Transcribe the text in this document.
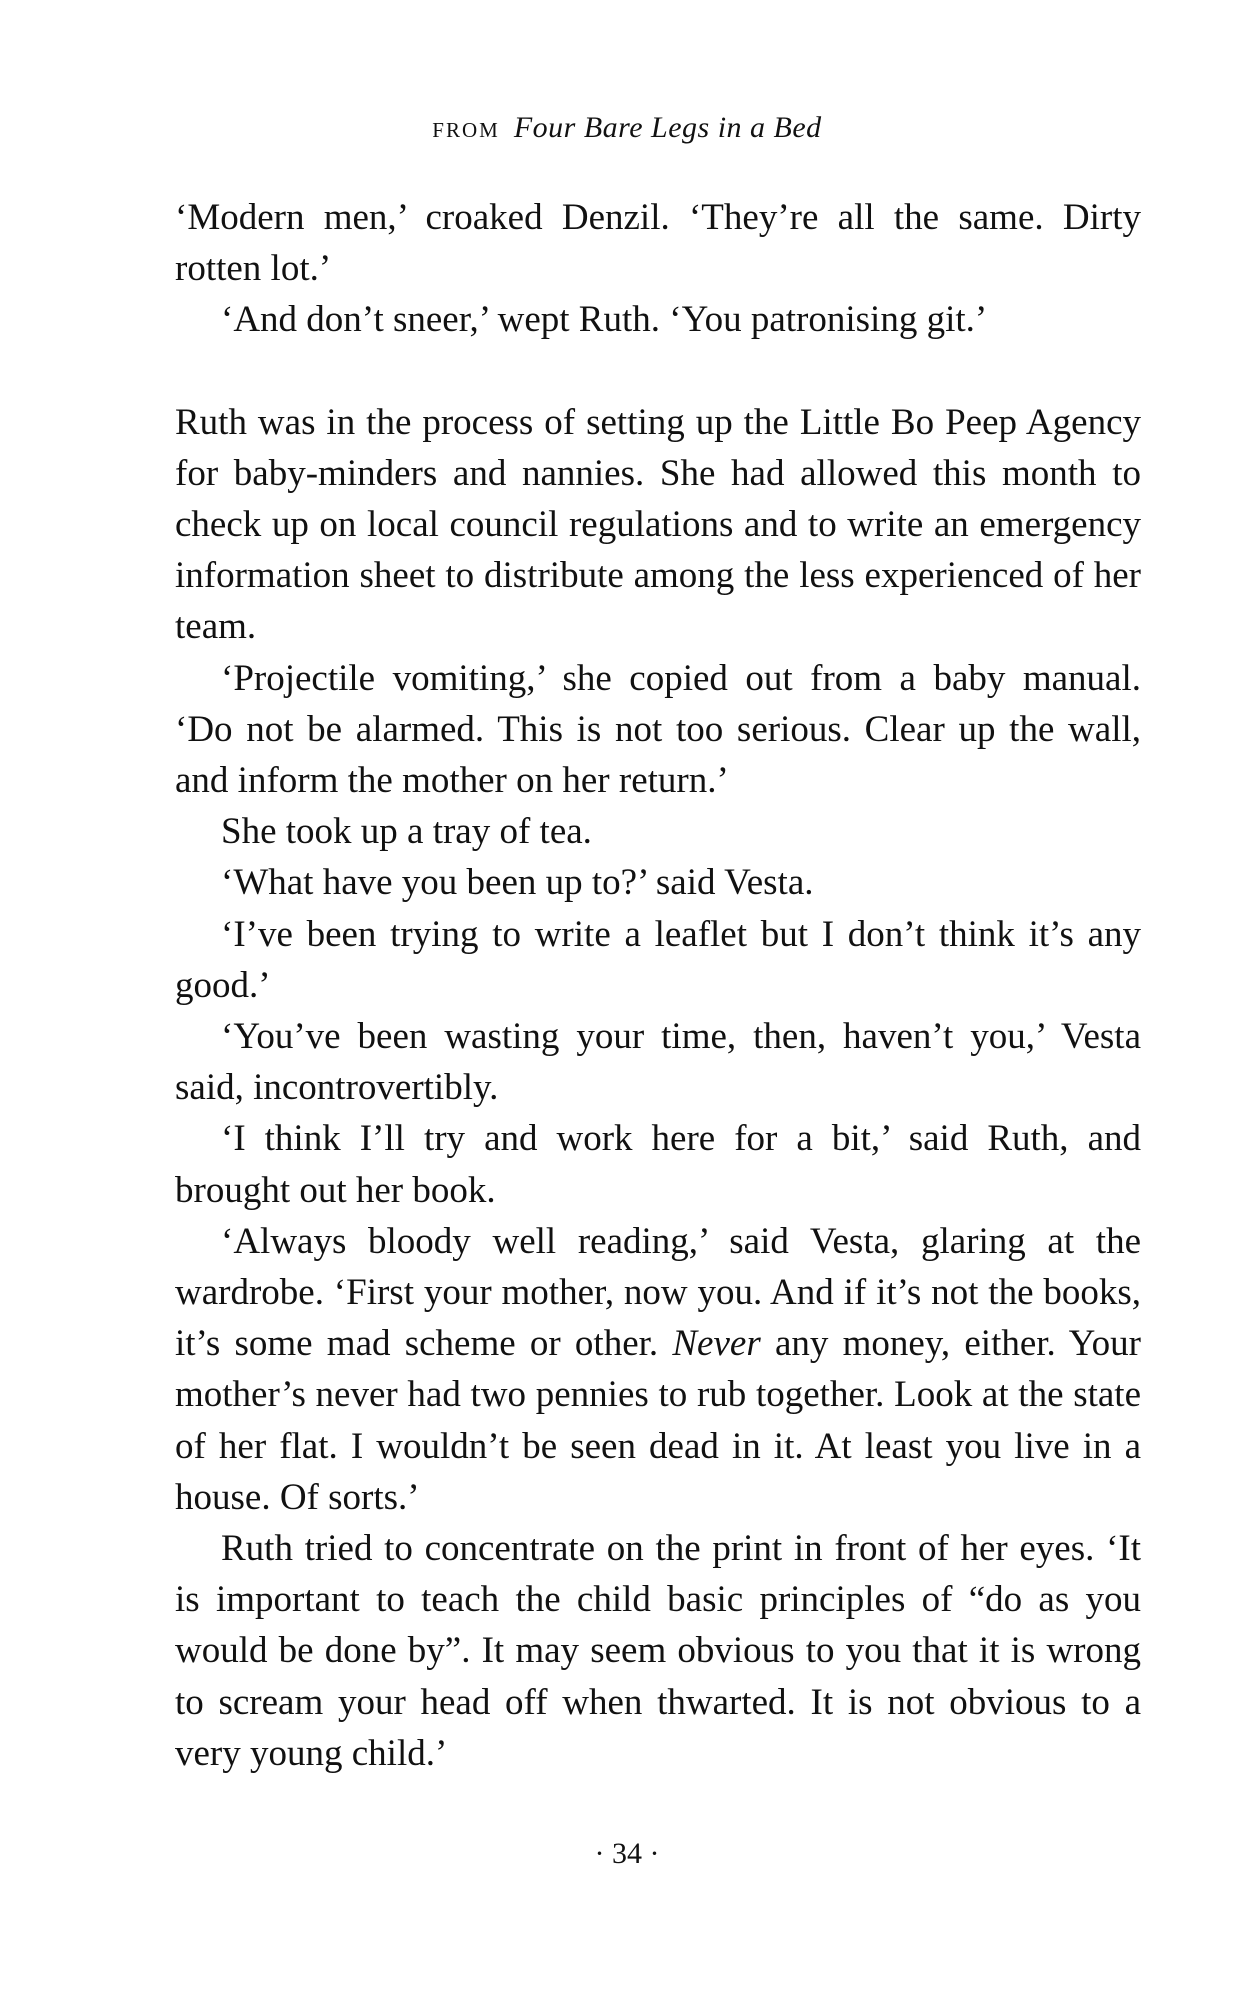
FROM Four Bare Legs in a Bed

‘Modern men,’ croaked Denzil. ‘They’re all the same. Dirty rotten lot.’

‘And don’t sneer,’ wept Ruth. ‘You patronising git.’

Ruth was in the process of setting up the Little Bo Peep Agency for baby-minders and nannies. She had allowed this month to check up on local council regulations and to write an emergency information sheet to distribute among the less experienced of her team.

‘Projectile vomiting,’ she copied out from a baby manual. ‘Do not be alarmed. This is not too serious. Clear up the wall, and inform the mother on her return.’

She took up a tray of tea.

‘What have you been up to?’ said Vesta.

‘I’ve been trying to write a leaflet but I don’t think it’s any good.’

‘You’ve been wasting your time, then, haven’t you,’ Vesta said, incontrovertibly.

‘I think I’ll try and work here for a bit,’ said Ruth, and brought out her book.

‘Always bloody well reading,’ said Vesta, glaring at the wardrobe. ‘First your mother, now you. And if it’s not the books, it’s some mad scheme or other. Never any money, either. Your mother’s never had two pennies to rub together. Look at the state of her flat. I wouldn’t be seen dead in it. At least you live in a house. Of sorts.’

Ruth tried to concentrate on the print in front of her eyes. ‘It is important to teach the child basic principles of “do as you would be done by”. It may seem obvious to you that it is wrong to scream your head off when thwarted. It is not obvious to a very young child.’

· 34 ·
